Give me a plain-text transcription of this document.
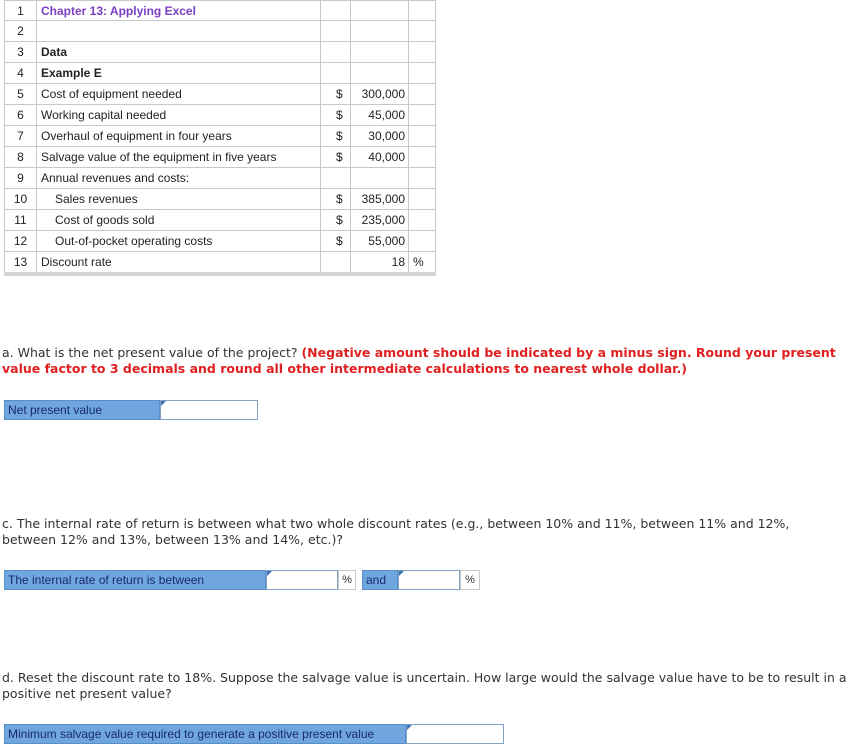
1	Chapter 13: Applying Excel
2
3	Data
4	Example E
5	Cost of equipment needed	$	300,000
6	Working capital needed	$	45,000
7	Overhaul of equipment in four years	$	30,000
8	Salvage value of the equipment in five years	$	40,000
9	Annual revenues and costs:
10	Sales revenues	$	385,000
11	Cost of goods sold	$	235,000
12	Out-of-pocket operating costs	$	55,000
13	Discount rate	18 %
a. What is the net present value of the project? (Negative amount should be indicated by a minus sign. Round your present value factor to 3 decimals and round all other intermediate calculations to nearest whole dollar.)
Net present value
c. The internal rate of return is between what two whole discount rates (e.g., between 10% and 11%, between 11% and 12%, between 12% and 13%, between 13% and 14%, etc.)?
The internal rate of return is between	%	and	%
d. Reset the discount rate to 18%. Suppose the salvage value is uncertain. How large would the salvage value have to be to result in a positive net present value?
Minimum salvage value required to generate a positive present value
